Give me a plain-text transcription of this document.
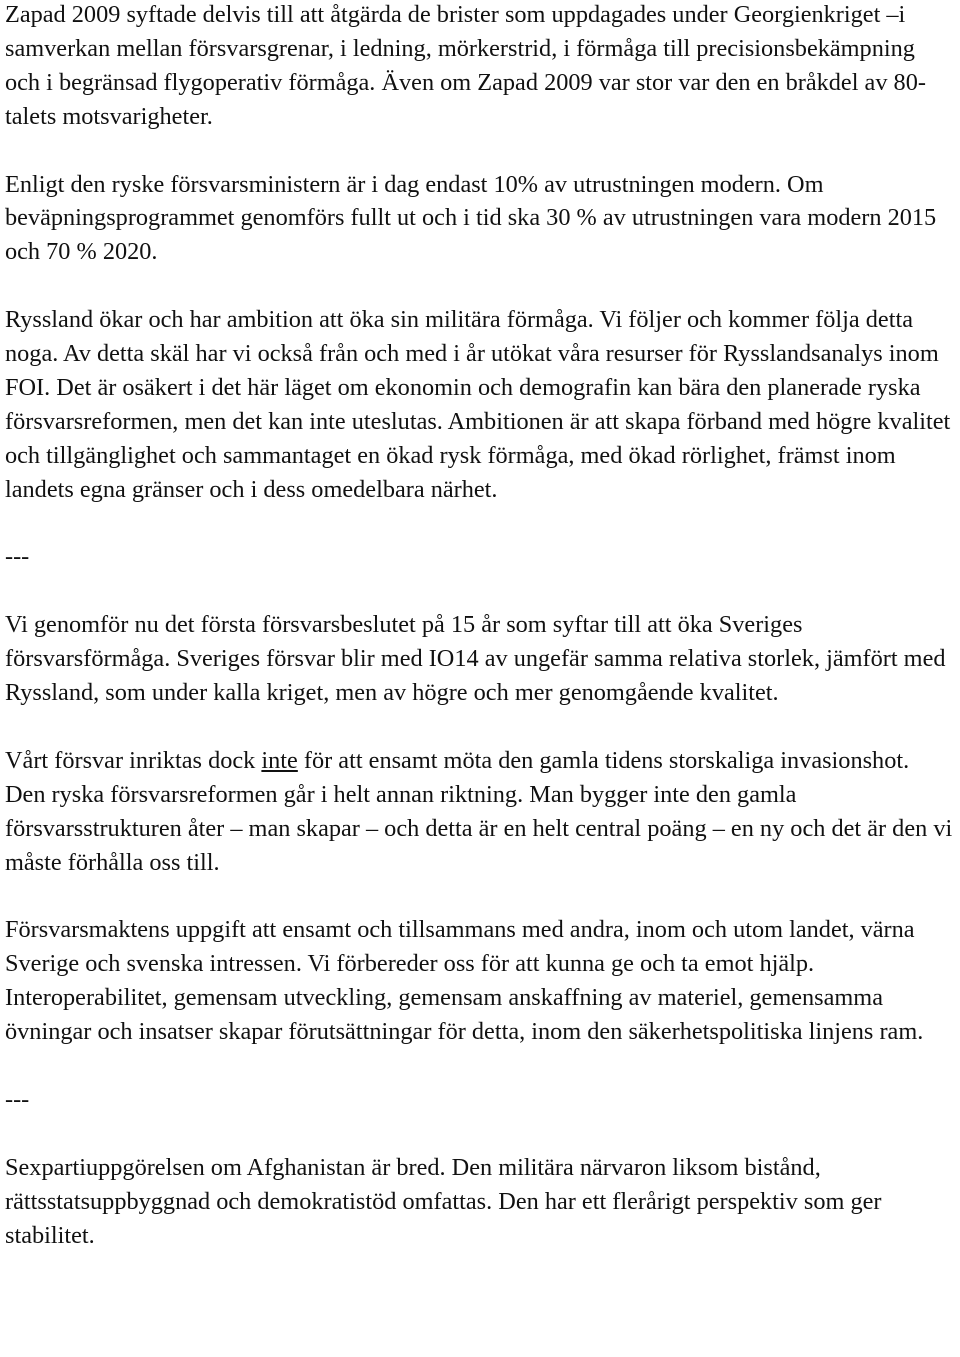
Zapad 2009 syftade delvis till att åtgärda de brister som uppdagades under Georgienkriget –i samverkan mellan försvarsgrenar, i ledning, mörkerstrid, i förmåga till precisionsbekämpning och i begränsad flygoperativ förmåga. Även om Zapad 2009 var stor var den en bråkdel av 80-talets motsvarigheter.

Enligt den ryske försvarsministern är i dag endast 10% av utrustningen modern. Om beväpningsprogrammet genomförs fullt ut och i tid ska 30 % av utrustningen vara modern 2015 och 70 % 2020.

Ryssland ökar och har ambition att öka sin militära förmåga. Vi följer och kommer följa detta noga. Av detta skäl har vi också från och med i år utökat våra resurser för Rysslandsanalys inom FOI. Det är osäkert i det här läget om ekonomin och demografin kan bära den planerade ryska försvarsreformen, men det kan inte uteslutas. Ambitionen är att skapa förband med högre kvalitet och tillgänglighet och sammantaget en ökad rysk förmåga, med ökad rörlighet, främst inom landets egna gränser och i dess omedelbara närhet.

---

Vi genomför nu det första försvarsbeslutet på 15 år som syftar till att öka Sveriges försvarsförmåga. Sveriges försvar blir med IO14 av ungefär samma relativa storlek, jämfört med Ryssland, som under kalla kriget, men av högre och mer genomgående kvalitet.

Vårt försvar inriktas dock inte för att ensamt möta den gamla tidens storskaliga invasionshot. Den ryska försvarsreformen går i helt annan riktning. Man bygger inte den gamla försvarsstrukturen åter – man skapar – och detta är en helt central poäng – en ny och det är den vi måste förhålla oss till.

Försvarsmaktens uppgift att ensamt och tillsammans med andra, inom och utom landet, värna Sverige och svenska intressen. Vi förbereder oss för att kunna ge och ta emot hjälp. Interoperabilitet, gemensam utveckling, gemensam anskaffning av materiel, gemensamma övningar och insatser skapar förutsättningar för detta, inom den säkerhetspolitiska linjens ram.

---

Sexpartiuppgörelsen om Afghanistan är bred. Den militära närvaron liksom bistånd, rättsstatsuppbyggnad och demokratistöd omfattas. Den har ett flerårigt perspektiv som ger stabilitet.
